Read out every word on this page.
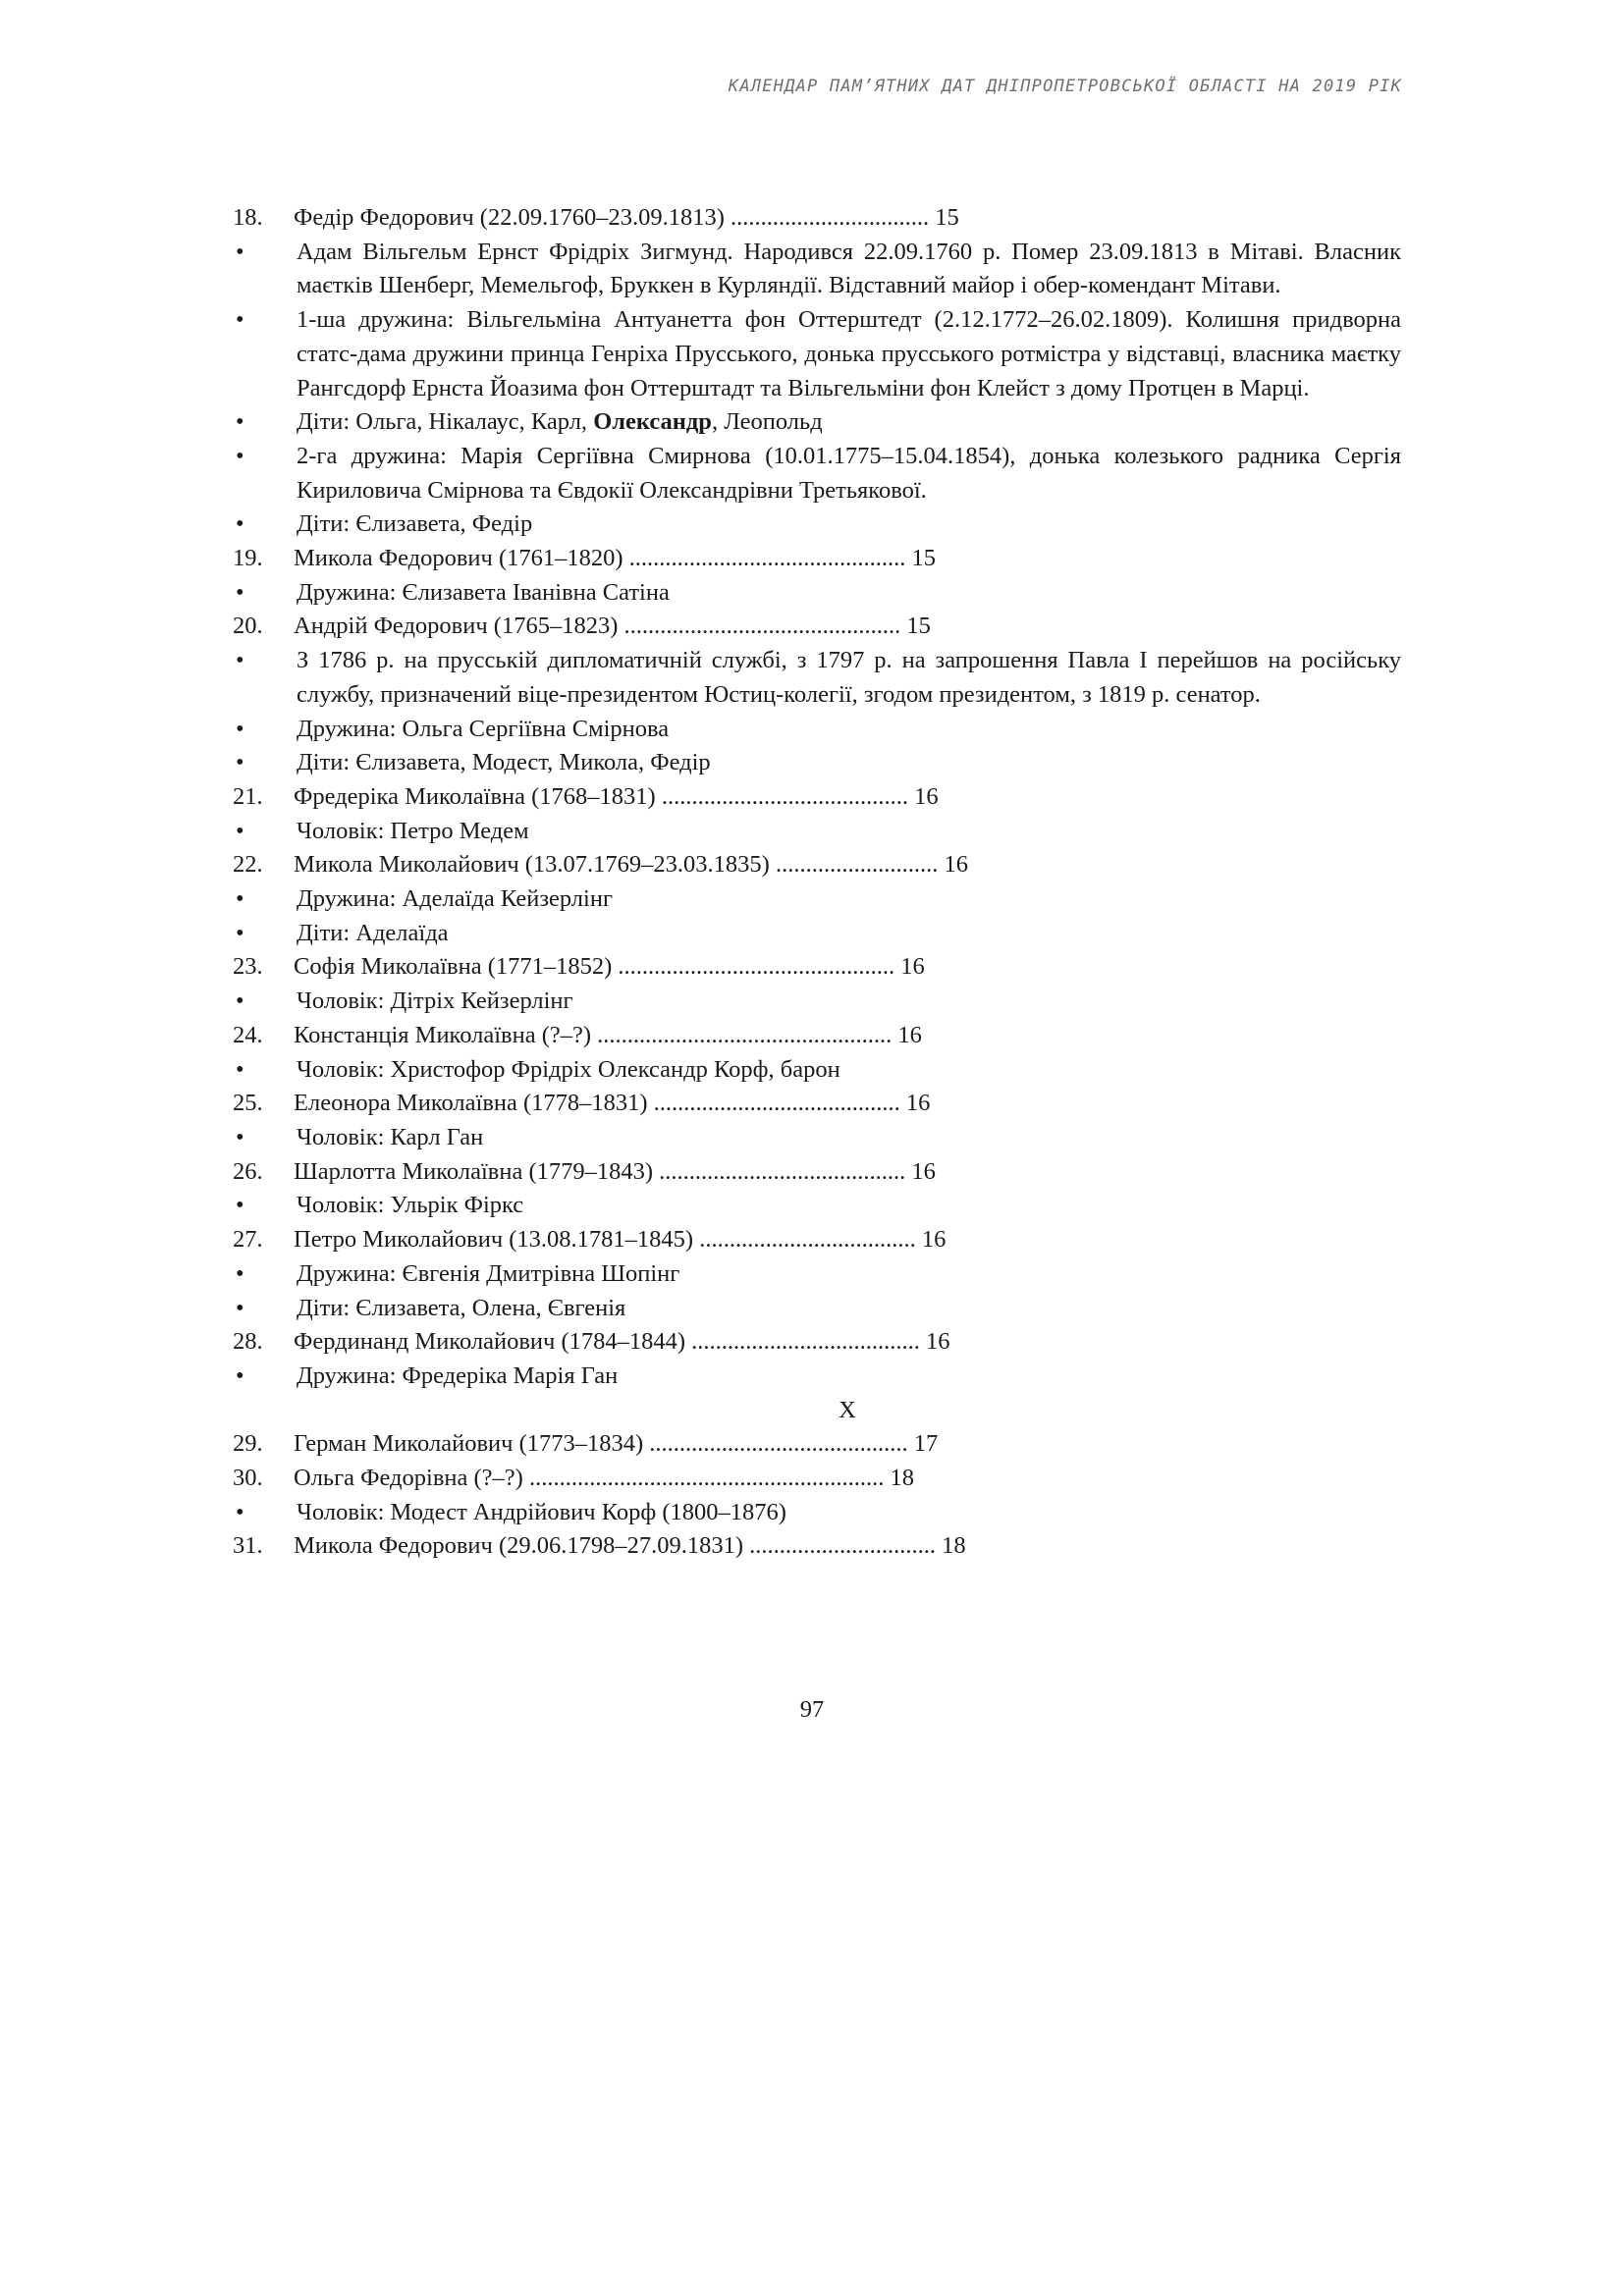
КАЛЕНДАР ПАМ’ЯТНИХ ДАТ ДНІПРОПЕТРОВСЬКОЇ ОБЛАСТІ НА 2019 РІК
18.	Федір Федорович (22.09.1760–23.09.1813) ................................. 15
•	Адам Вільгельм Ернст Фрідріх Зигмунд. Народився 22.09.1760 р. Помер 23.09.1813 в Мітаві. Власник маєтків Шенберг, Мемельгоф, Бруккен в Курляндії. Відставний майор і обер-комендант Мітави.
•	1-ша дружина: Вільгельміна Антуанетта фон Оттерштедт (2.12.1772–26.02.1809). Колишня придворна статс-дама дружини принца Генріха Прусського, донька прусського ротмістра у відставці, власника маєтку Рангсдорф Ернста Йоазима фон Оттерштадт та Вільгельміни фон Клейст з дому Протцен в Марці.
•	Діти: Ольга, Нікалаус, Карл, Олександр, Леопольд
•	2-га дружина: Марія Сергіївна Смирнова (10.01.1775–15.04.1854), донька колезького радника Сергія Кириловича Смірнова та Євдокії Олександрівни Третьякової.
•	Діти: Єлизавета, Федір
19.	Микола Федорович (1761–1820) .............................................. 15
•	Дружина: Єлизавета Іванівна Сатіна
20.	Андрій Федорович (1765–1823) .............................................. 15
•	З 1786 р. на прусській дипломатичній службі, з 1797 р. на запрошення Павла І перейшов на російську службу, призначений віце-президентом Юстиц-колегії, згодом президентом, з 1819 р. сенатор.
•	Дружина: Ольга Сергіївна Смірнова
•	Діти: Єлизавета, Модест, Микола, Федір
21.	Фредеріка Миколаївна (1768–1831) ......................................... 16
•	Чоловік: Петро Медем
22.	Микола Миколайович (13.07.1769–23.03.1835) ........................... 16
•	Дружина: Аделаїда Кейзерлінг
•	Діти: Аделаїда
23.	Софія Миколаївна (1771–1852) .............................................. 16
•	Чоловік: Дітріх Кейзерлінг
24.	Констанція Миколаївна (?–?) ................................................. 16
•	Чоловік: Христофор Фрідріх Олександр Корф, барон
25.	Елеонора Миколаївна (1778–1831) ......................................... 16
•	Чоловік: Карл Ган
26.	Шарлотта Миколаївна (1779–1843) ......................................... 16
•	Чоловік: Ульрік Фіркс
27.	Петро Миколайович (13.08.1781–1845) .................................... 16
•	Дружина: Євгенія Дмитрівна Шопінг
•	Діти: Єлизавета, Олена, Євгенія
28.	Фердинанд Миколайович (1784–1844) ...................................... 16
•	Дружина: Фредеріка Марія Ган
X
29.	Герман Миколайович (1773–1834) ........................................... 17
30.	Ольга Федорівна (?–?) ........................................................... 18
•	Чоловік: Модест Андрійович Корф (1800–1876)
31.	Микола Федорович (29.06.1798–27.09.1831) ............................... 18
97
